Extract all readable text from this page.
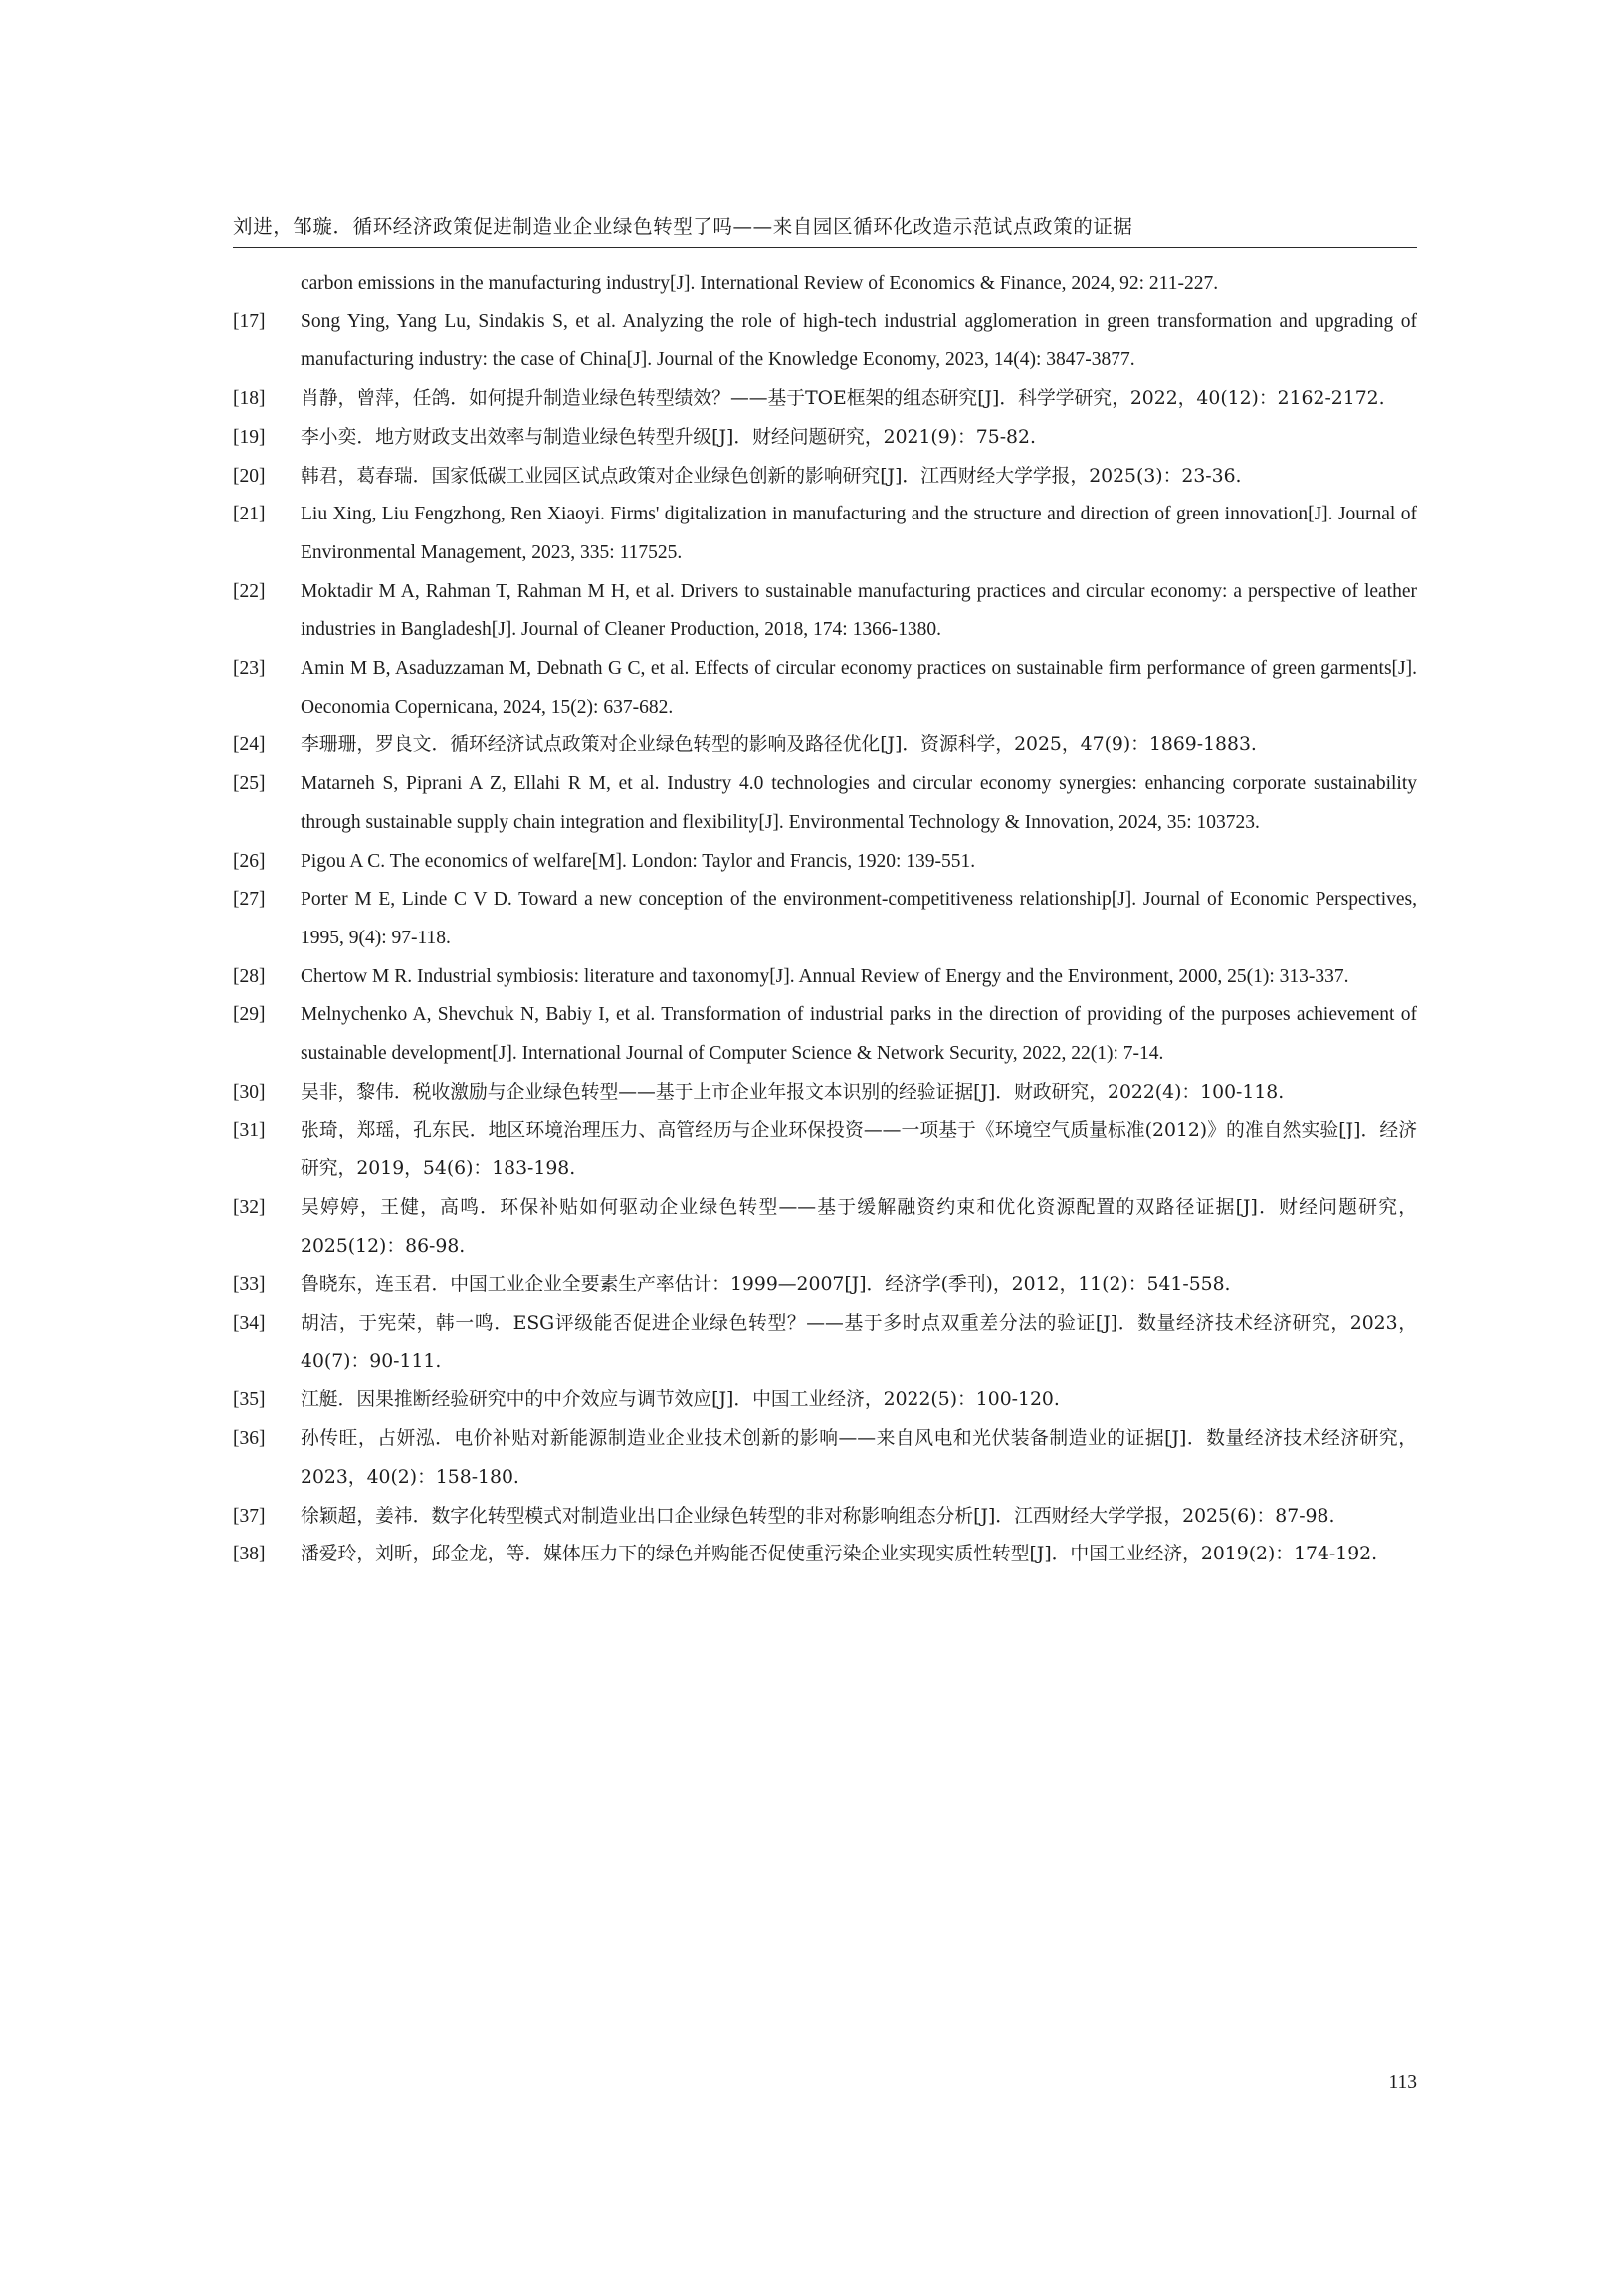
刘进，邹璇．循环经济政策促进制造业企业绿色转型了吗——来自园区循环化改造示范试点政策的证据
carbon emissions in the manufacturing industry[J]. International Review of Economics & Finance, 2024, 92: 211-227.
[17]	Song Ying, Yang Lu, Sindakis S, et al. Analyzing the role of high-tech industrial agglomeration in green transformation and upgrading of manufacturing industry: the case of China[J]. Journal of the Knowledge Economy, 2023, 14(4): 3847-3877.
[18]	肖静，曾萍，任鸽．如何提升制造业绿色转型绩效？——基于TOE框架的组态研究[J]．科学学研究，2022，40(12)：2162-2172.
[19]	李小奕．地方财政支出效率与制造业绿色转型升级[J]．财经问题研究，2021(9)：75-82.
[20]	韩君，葛春瑞．国家低碳工业园区试点政策对企业绿色创新的影响研究[J]．江西财经大学学报，2025(3)：23-36.
[21]	Liu Xing, Liu Fengzhong, Ren Xiaoyi. Firms' digitalization in manufacturing and the structure and direction of green innovation[J]. Journal of Environmental Management, 2023, 335: 117525.
[22]	Moktadir M A, Rahman T, Rahman M H, et al. Drivers to sustainable manufacturing practices and circular economy: a perspective of leather industries in Bangladesh[J]. Journal of Cleaner Production, 2018, 174: 1366-1380.
[23]	Amin M B, Asaduzzaman M, Debnath G C, et al. Effects of circular economy practices on sustainable firm performance of green garments[J]. Oeconomia Copernicana, 2024, 15(2): 637-682.
[24]	李珊珊，罗良文．循环经济试点政策对企业绿色转型的影响及路径优化[J]．资源科学，2025，47(9)：1869-1883.
[25]	Matarneh S, Piprani A Z, Ellahi R M, et al. Industry 4.0 technologies and circular economy synergies: enhancing corporate sustainability through sustainable supply chain integration and flexibility[J]. Environmental Technology & Innovation, 2024, 35: 103723.
[26]	Pigou A C. The economics of welfare[M]. London: Taylor and Francis, 1920: 139-551.
[27]	Porter M E, Linde C V D. Toward a new conception of the environment-competitiveness relationship[J]. Journal of Economic Perspectives, 1995, 9(4): 97-118.
[28]	Chertow M R. Industrial symbiosis: literature and taxonomy[J]. Annual Review of Energy and the Environment, 2000, 25(1): 313-337.
[29]	Melnychenko A, Shevchuk N, Babiy I, et al. Transformation of industrial parks in the direction of providing of the purposes achievement of sustainable development[J]. International Journal of Computer Science & Network Security, 2022, 22(1): 7-14.
[30]	吴非，黎伟．税收激励与企业绿色转型——基于上市企业年报文本识别的经验证据[J]．财政研究，2022(4)：100-118.
[31]	张琦，郑瑶，孔东民．地区环境治理压力、高管经历与企业环保投资——一项基于《环境空气质量标准(2012)》的准自然实验[J]．经济研究，2019，54(6)：183-198.
[32]	吴婷婷，王健，高鸣．环保补贴如何驱动企业绿色转型——基于缓解融资约束和优化资源配置的双路径证据[J]．财经问题研究，2025(12)：86-98.
[33]	鲁晓东，连玉君．中国工业企业全要素生产率估计：1999—2007[J]．经济学(季刊)，2012，11(2)：541-558.
[34]	胡洁，于宪荣，韩一鸣．ESG评级能否促进企业绿色转型？——基于多时点双重差分法的验证[J]．数量经济技术经济研究，2023，40(7)：90-111.
[35]	江艇．因果推断经验研究中的中介效应与调节效应[J]．中国工业经济，2022(5)：100-120.
[36]	孙传旺，占妍泓．电价补贴对新能源制造业企业技术创新的影响——来自风电和光伏装备制造业的证据[J]．数量经济技术经济研究，2023，40(2)：158-180.
[37]	徐颖超，姜祎．数字化转型模式对制造业出口企业绿色转型的非对称影响组态分析[J]．江西财经大学学报，2025(6)：87-98.
[38]	潘爱玲，刘昕，邱金龙，等．媒体压力下的绿色并购能否促使重污染企业实现实质性转型[J]．中国工业经济，2019(2)：174-192.
113
